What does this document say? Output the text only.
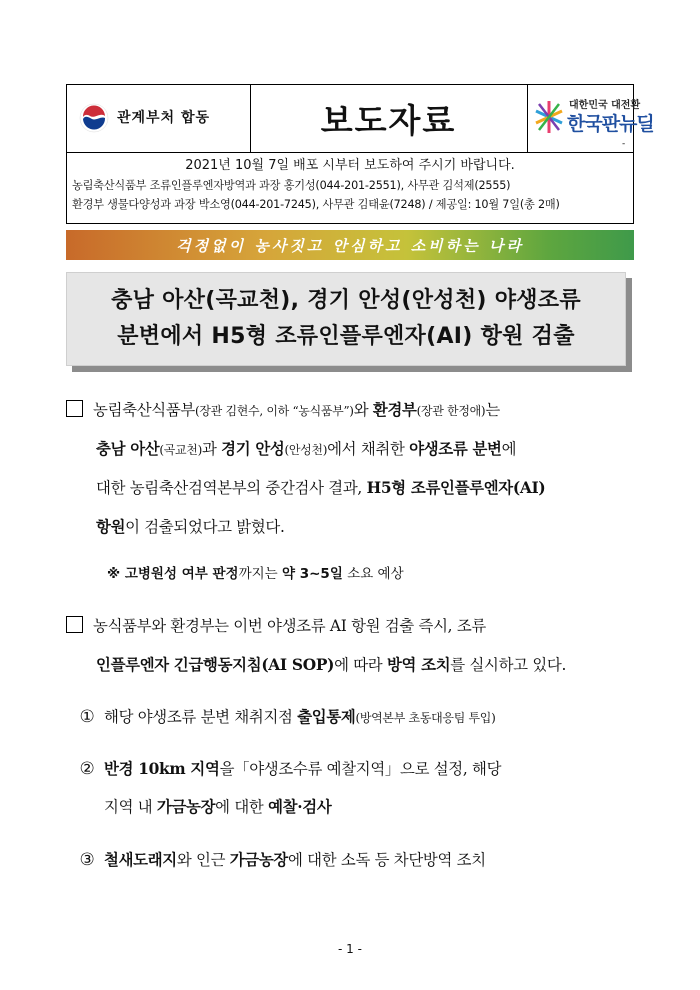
관계부처 합동	보도자료	대한민국 대전환
한국판뉴딜
-
2021년 10월 7일 배포 시부터 보도하여 주시기 바랍니다.
농림축산식품부 조류인플루엔자방역과 과장 홍기성(044-201-2551), 사무관 김석제(2555)
환경부 생물다양성과 과장 박소영(044-201-7245), 사무관 김태윤(7248) / 제공일: 10월 7일(총 2매)
걱정없이 농사짓고 안심하고 소비하는 나라
충남 아산(곡교천), 경기 안성(안성천) 야생조류
분변에서 H5형 조류인플루엔자(AI) 항원 검출
농림축산식품부(장관 김현수, 이하 “농식품부”)와 환경부(장관 한정애)는
충남 아산(곡교천)과 경기 안성(안성천)에서 채취한 야생조류 분변에
대한 농림축산검역본부의 중간검사 결과, H5형 조류인플루엔자(AI)
항원이 검출되었다고 밝혔다.
※ 고병원성 여부 판정까지는 약 3∼5일 소요 예상
농식품부와 환경부는 이번 야생조류 AI 항원 검출 즉시, 조류
인플루엔자 긴급행동지침(AI SOP)에 따라 방역 조치를 실시하고 있다.
① 해당 야생조류 분변 채취지점 출입통제(방역본부 초동대응팀 투입)
② 반경 10km 지역을「야생조수류 예찰지역」으로 설정, 해당
지역 내 가금농장에 대한 예찰·검사
③ 철새도래지와 인근 가금농장에 대한 소독 등 차단방역 조치
- 1 -
